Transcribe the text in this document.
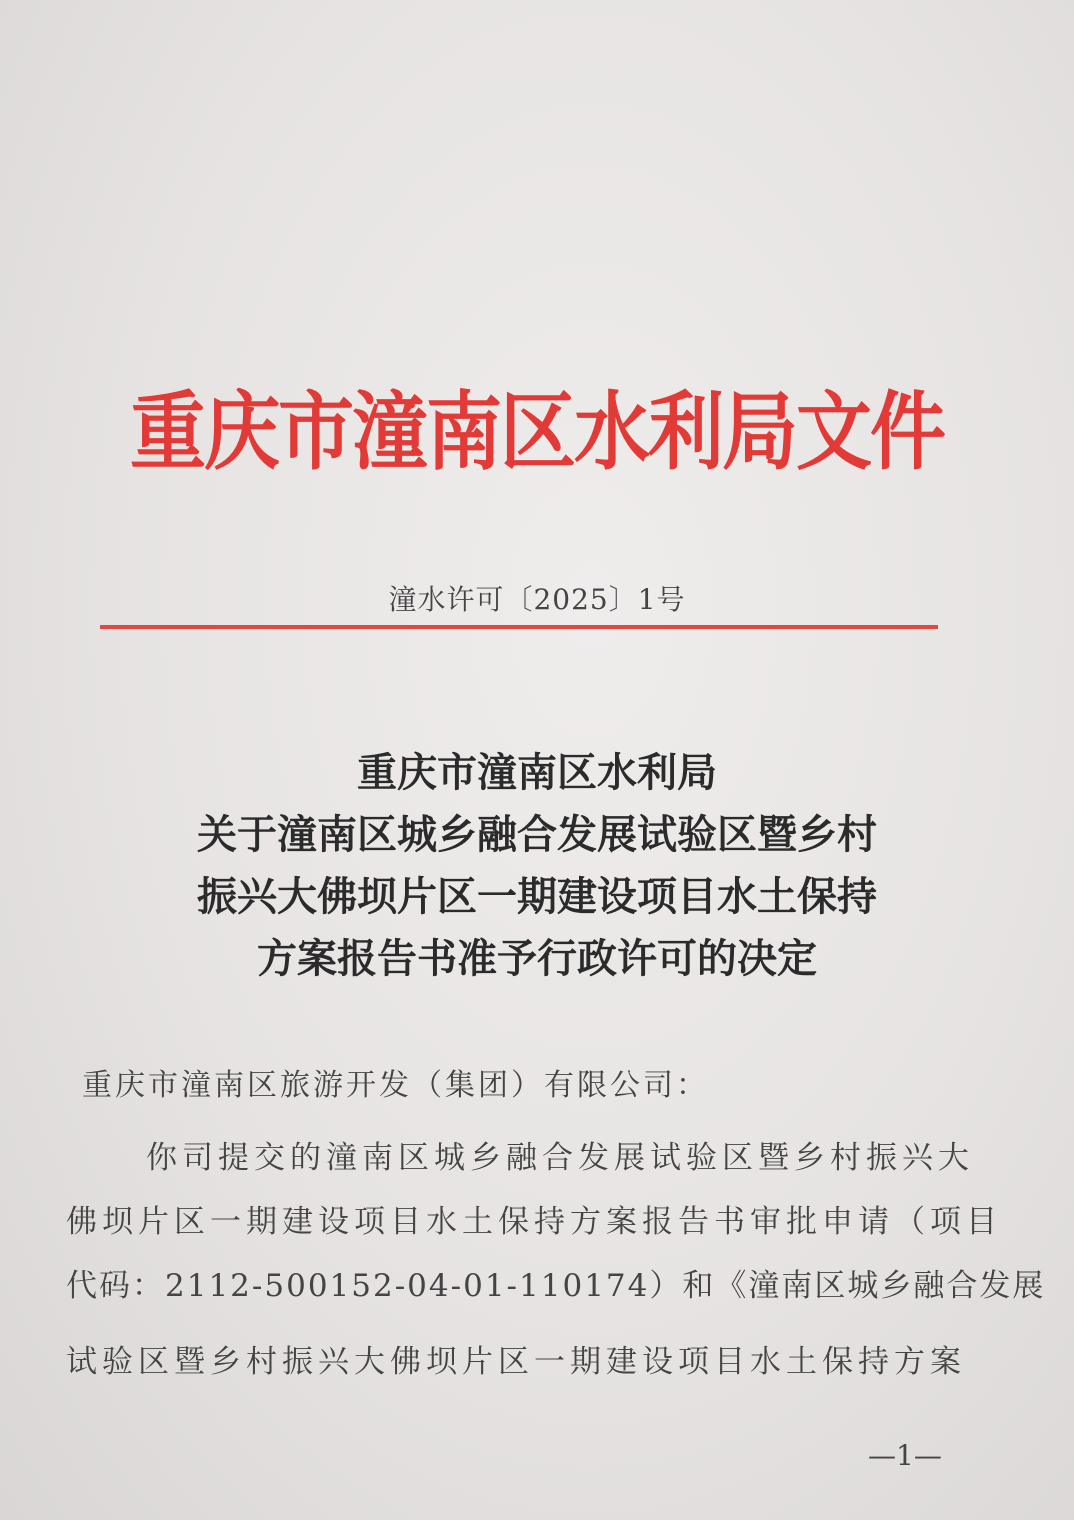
重庆市潼南区水利局文件
潼水许可〔2025〕1号
重庆市潼南区水利局
关于潼南区城乡融合发展试验区暨乡村
振兴大佛坝片区一期建设项目水土保持
方案报告书准予行政许可的决定
重庆市潼南区旅游开发（集团）有限公司：
你司提交的潼南区城乡融合发展试验区暨乡村振兴大
佛坝片区一期建设项目水土保持方案报告书审批申请（项目
代码：2112-500152-04-01-110174）和《潼南区城乡融合发展
试验区暨乡村振兴大佛坝片区一期建设项目水土保持方案
—1—
